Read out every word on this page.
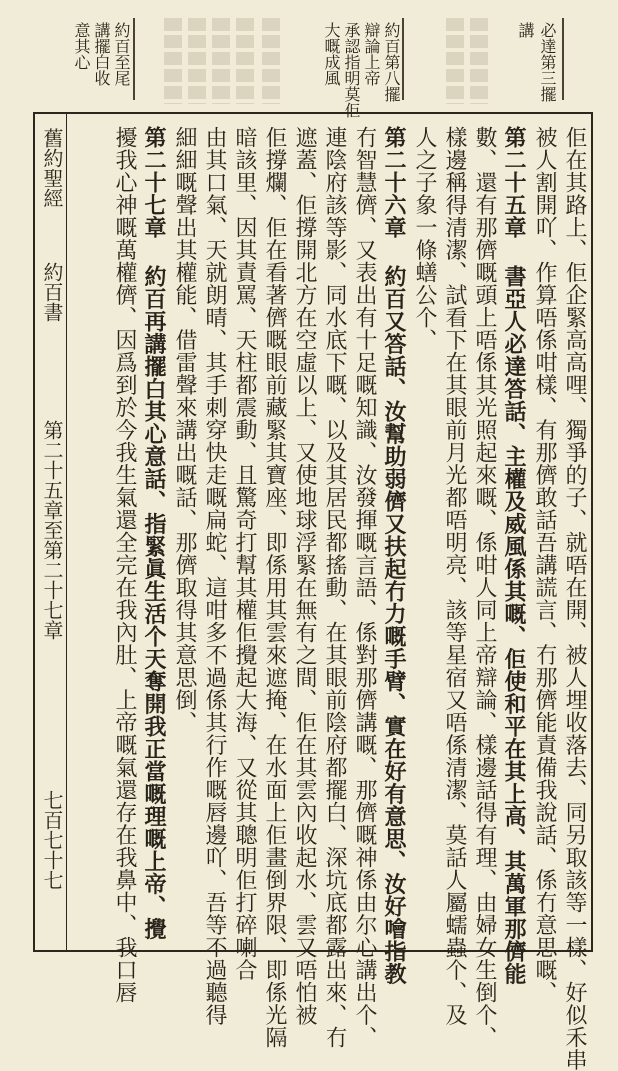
必達第三擺
講
約百第八擺
辯論上帝
承認指明莫佢
大嘅成風
約百至尾
講擺白收
意其心
佢在其路上、佢企緊高高哩、獨爭的子、就唔在開、被人埋收落去、同另取該等一樣、好似禾串
被人割開吖、作算唔係咁樣、有那儕敢話吾講謊言、冇那儕能責備我說話、係冇意思嘅、
第二十五章 書亞人必達答話、主權及威風係其嘅、佢使和平在其上高、其萬軍那儕能
數、還有那儕嘅頭上唔係其光照起來嘅、係咁人同上帝辯論、樣邊話得有理、由婦女生倒个、
樣邊稱得清潔、試看下在其眼前月光都唔明亮、該等星宿又唔係清潔、莫話人屬蠕蟲个、及
人之子象一條蟮公个、
第二十六章 約百又答話、汝幫助弱儕又扶起冇力嘅手臂、實在好有意思、汝好噲指教
冇智慧儕、又表出有十足嘅知識、汝發揮嘅言語、係對那儕講嘅、那儕嘅神係由尔心講出个、
連陰府該等影、同水底下嘅、以及其居民都搖動、在其眼前陰府都擺白、深坑底都露出來、冇
遮蓋、佢撐開北方在空虛以上、又使地球浮緊在無有之間、佢在其雲內收起水、雲又唔怕被
佢撐爛、佢在看著儕嘅眼前藏緊其寶座、即係用其雲來遮掩、在水面上佢畫倒界限、即係光隔
暗該里、因其責罵、天柱都震動、且驚奇打幫其權佢攪起大海、又從其聰明佢打碎喇合
由其口氣、天就朗晴、其手刺穿快走嘅扁蛇、這咁多不過係其行作嘅唇邊吖、吾等不過聽得
細細嘅聲出其權能、借雷聲來講出嘅話、那儕取得其意思倒、
第二十七章 約百再講擺白其心意話、指緊眞生活个天奪開我正當嘅理嘅上帝、攪
擾我心神嘅萬權儕、因爲到於今我生氣還全完在我內肚、上帝嘅氣還存在我鼻中、我口唇
舊約聖經
約百書
第二十五章至第二十七章
七百七十七
